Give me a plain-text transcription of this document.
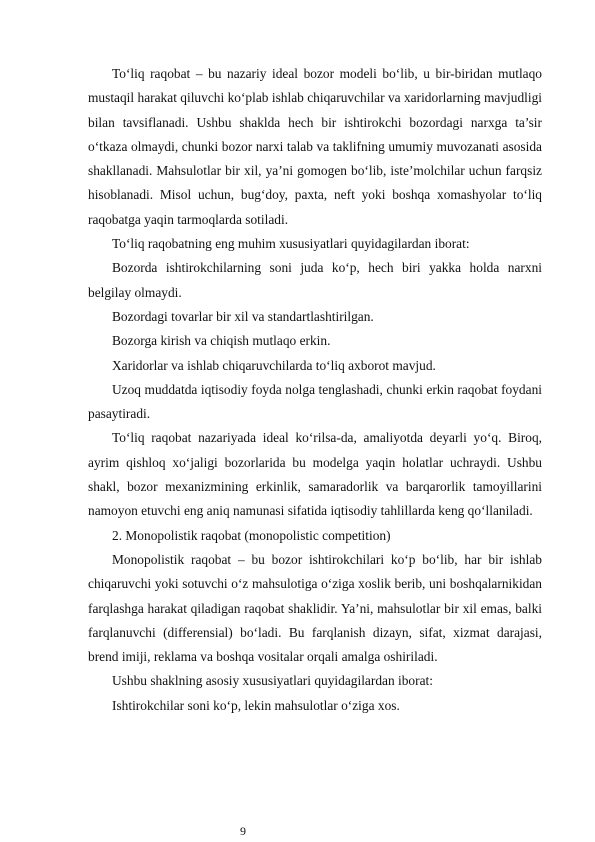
To‘liq raqobat – bu nazariy ideal bozor modeli bo‘lib, u bir-biridan mutlaqo mustaqil harakat qiluvchi ko‘plab ishlab chiqaruvchilar va xaridorlarning mavjudligi bilan tavsiflanadi. Ushbu shaklda hech bir ishtirokchi bozordagi narxga ta’sir o‘tkaza olmaydi, chunki bozor narxi talab va taklifning umumiy muvozanati asosida shakllanadi. Mahsulotlar bir xil, ya’ni gomogen bo‘lib, iste’molchilar uchun farqsiz hisoblanadi. Misol uchun, bug‘doy, paxta, neft yoki boshqa xomashyolar to‘liq raqobatga yaqin tarmoqlarda sotiladi.

To‘liq raqobatning eng muhim xususiyatlari quyidagilardan iborat:

Bozorda ishtirokchilarning soni juda ko‘p, hech biri yakka holda narxni belgilay olmaydi.

Bozordagi tovarlar bir xil va standartlashtirilgan.

Bozorga kirish va chiqish mutlaqo erkin.

Xaridorlar va ishlab chiqaruvchilarda to‘liq axborot mavjud.

Uzoq muddatda iqtisodiy foyda nolga tenglashadi, chunki erkin raqobat foydani pasaytiradi.

To‘liq raqobat nazariyada ideal ko‘rilsa-da, amaliyotda deyarli yo‘q. Biroq, ayrim qishloq xo‘jaligi bozorlarida bu modelga yaqin holatlar uchraydi. Ushbu shakl, bozor mexanizmining erkinlik, samaradorlik va barqarorlik tamoyillarini namoyon etuvchi eng aniq namunasi sifatida iqtisodiy tahlillarda keng qo‘llaniladi.

2. Monopolistik raqobat (monopolistic competition)

Monopolistik raqobat – bu bozor ishtirokchilari ko‘p bo‘lib, har bir ishlab chiqaruvchi yoki sotuvchi o‘z mahsulotiga o‘ziga xoslik berib, uni boshqalarnikidan farqlashga harakat qiladigan raqobat shaklidir. Ya’ni, mahsulotlar bir xil emas, balki farqlanuvchi (differensial) bo‘ladi. Bu farqlanish dizayn, sifat, xizmat darajasi, brend imiji, reklama va boshqa vositalar orqali amalga oshiriladi.

Ushbu shaklning asosiy xususiyatlari quyidagilardan iborat:

Ishtirokchilar soni ko‘p, lekin mahsulotlar o‘ziga xos.

9
